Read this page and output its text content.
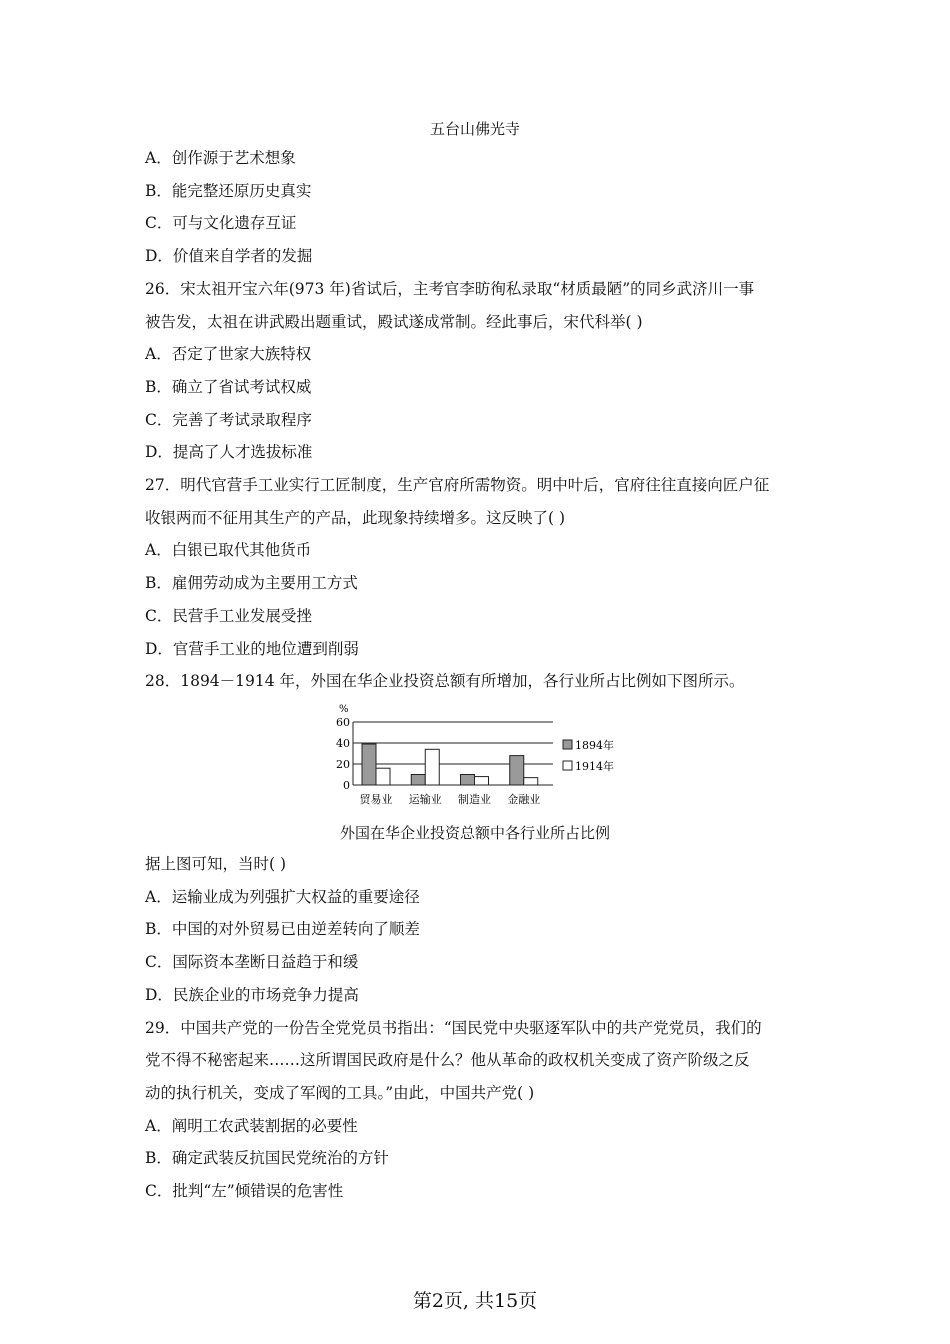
五台山佛光寺
A．创作源于艺术想象
B．能完整还原历史真实
C．可与文化遗存互证
D．价值来自学者的发掘
26．宋太祖开宝六年(973 年)省试后，主考官李昉徇私录取“材质最陋”的同乡武济川一事
被告发，太祖在讲武殿出题重试，殿试遂成常制。经此事后，宋代科举( )
A．否定了世家大族特权
B．确立了省试考试权威
C．完善了考试录取程序
D．提高了人才选拔标准
27．明代官营手工业实行工匠制度，生产官府所需物资。明中叶后，官府往往直接向匠户征
收银两而不征用其生产的产品，此现象持续增多。这反映了( )
A．白银已取代其他货币
B．雇佣劳动成为主要用工方式
C．民营手工业发展受挫
D．官营手工业的地位遭到削弱
28．1894－1914 年，外国在华企业投资总额有所增加，各行业所占比例如下图所示。
据上图可知，当时( )
A．运输业成为列强扩大权益的重要途径
B．中国的对外贸易已由逆差转向了顺差
C．国际资本垄断日益趋于和缓
D．民族企业的市场竞争力提高
29．中国共产党的一份告全党党员书指出：“国民党中央驱逐军队中的共产党党员，我们的
党不得不秘密起来……这所谓国民政府是什么？他从革命的政权机关变成了资产阶级之反
动的执行机关，变成了军阀的工具。”由此，中国共产党( )
A．阐明工农武装割据的必要性
B．确定武装反抗国民党统治的方针
C．批判“左”倾错误的危害性
%
0
20
40
60
贸易业 运输业 制造业 金融业
1894年
1914年
外国在华企业投资总额中各行业所占比例
第2页, 共15页
